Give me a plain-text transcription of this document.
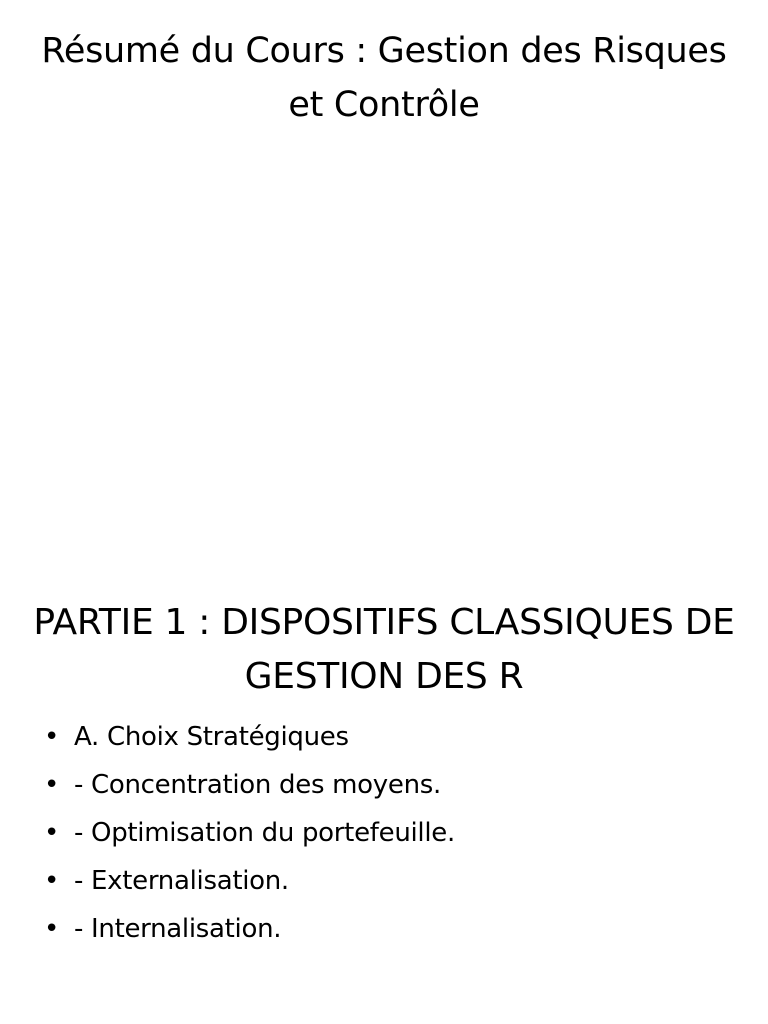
Résumé du Cours : Gestion des Risques et Contrôle
PARTIE 1 : DISPOSITIFS CLASSIQUES DE GESTION DES R
• A. Choix Stratégiques
• - Concentration des moyens.
• - Optimisation du portefeuille.
• - Externalisation.
• - Internalisation.
